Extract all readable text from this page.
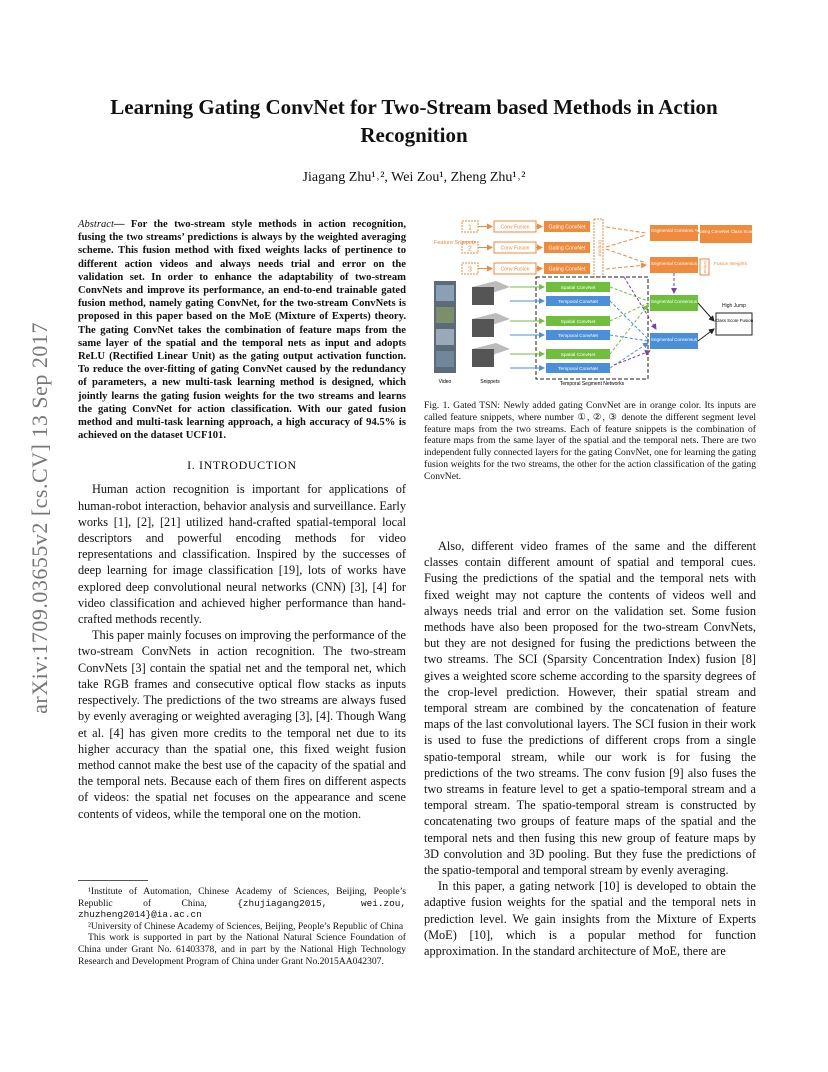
arXiv:1709.03655v2 [cs.CV] 13 Sep 2017
Learning Gating ConvNet for Two-Stream based Methods in Action Recognition
Jiagang Zhu¹˒², Wei Zou¹, Zheng Zhu¹˒²
Abstract— For the two-stream style methods in action recognition, fusing the two streams’ predictions is always by the weighted averaging scheme. This fusion method with fixed weights lacks of pertinence to different action videos and always needs trial and error on the validation set. In order to enhance the adaptability of two-stream ConvNets and improve its performance, an end-to-end trainable gated fusion method, namely gating ConvNet, for the two-stream ConvNets is proposed in this paper based on the MoE (Mixture of Experts) theory. The gating ConvNet takes the combination of feature maps from the same layer of the spatial and the temporal nets as input and adopts ReLU (Rectified Linear Unit) as the gating output activation function. To reduce the over-fitting of gating ConvNet caused by the redundancy of parameters, a new multi-task learning method is designed, which jointly learns the gating fusion weights for the two streams and learns the gating ConvNet for action classification. With our gated fusion method and multi-task learning approach, a high accuracy of 94.5% is achieved on the dataset UCF101.
I. INTRODUCTION

Human action recognition is important for applications of human-robot interaction, behavior analysis and surveillance. Early works [1], [2], [21] utilized hand-crafted spatial-temporal local descriptors and powerful encoding methods for video representations and classification. Inspired by the successes of deep learning for image classification [19], lots of works have explored deep convolutional neural networks (CNN) [3], [4] for video classification and achieved higher performance than hand-crafted methods recently.

This paper mainly focuses on improving the performance of the two-stream ConvNets in action recognition. The two-stream ConvNets [3] contain the spatial net and the temporal net, which take RGB frames and consecutive optical flow stacks as inputs respectively. The predictions of the two streams are always fused by evenly averaging or weighted averaging [3], [4]. Though Wang et al. [4] has given more credits to the temporal net due to its higher accuracy than the spatial one, this fixed weight fusion method cannot make the best use of the capacity of the spatial and the temporal nets. Because each of them fires on different aspects of videos: the spatial net focuses on the appearance and scene contents of videos, while the temporal one on the motion.

¹Institute of Automation, Chinese Academy of Sciences, Beijing, People’s Republic of China,	{zhujiagang2015, wei.zou, zhuzheng2014}@ia.ac.cn
²University of Chinese Academy of Sciences, Beijing, People’s Republic of China
This work is supported in part by the National Natural Science Foundation of China under Grant No. 61403378, and in part by the National High Technology Research and Development Program of China under Grant No.2015AA042307.
1
2
3
Feature Snippets
Conv Fusion
Conv Fusion
Conv Fusion
Gating ConvNet
Gating ConvNet
Gating ConvNet
Dropout
Segmental Consensus
Segmental Consensus
Gating ConvNet Class Score
Softmax Fusion Weights
Video	Snippets
Spatial ConvNet
Temporal ConvNet
Spatial ConvNet
Temporal ConvNet
Spatial ConvNet
Temporal ConvNet
Temporal Segment Networks
Segmental Consensus
Segmental Consensus
High Jump
Class Score Fusion
Fig. 1. Gated TSN: Newly added gating ConvNet are in orange color. Its inputs are called feature snippets, where number ①, ②, ③ denote the different segment level feature maps from the two streams. Each of feature snippets is the combination of feature maps from the same layer of the spatial and the temporal nets. There are two independent fully connected layers for the gating ConvNet, one for learning the gating fusion weights for the two streams, the other for the action classification of the gating ConvNet.

Also, different video frames of the same and the different classes contain different amount of spatial and temporal cues. Fusing the predictions of the spatial and the temporal nets with fixed weight may not capture the contents of videos well and always needs trial and error on the validation set. Some fusion methods have also been proposed for the two-stream ConvNets, but they are not designed for fusing the predictions between the two streams. The SCI (Sparsity Concentration Index) fusion [8] gives a weighted score scheme according to the sparsity degrees of the crop-level prediction. However, their spatial stream and temporal stream are combined by the concatenation of feature maps of the last convolutional layers. The SCI fusion in their work is used to fuse the predictions of different crops from a single spatio-temporal stream, while our work is for fusing the predictions of the two streams. The conv fusion [9] also fuses the two streams in feature level to get a spatio-temporal stream and a temporal stream. The spatio-temporal stream is constructed by concatenating two groups of feature maps of the spatial and the temporal nets and then fusing this new group of feature maps by 3D convolution and 3D pooling. But they fuse the predictions of the spatio-temporal and temporal stream by evenly averaging.

In this paper, a gating network [10] is developed to obtain the adaptive fusion weights for the spatial and the temporal nets in prediction level. We gain insights from the Mixture of Experts (MoE) [10], which is a popular method for function approximation. In the standard architecture of MoE, there are
